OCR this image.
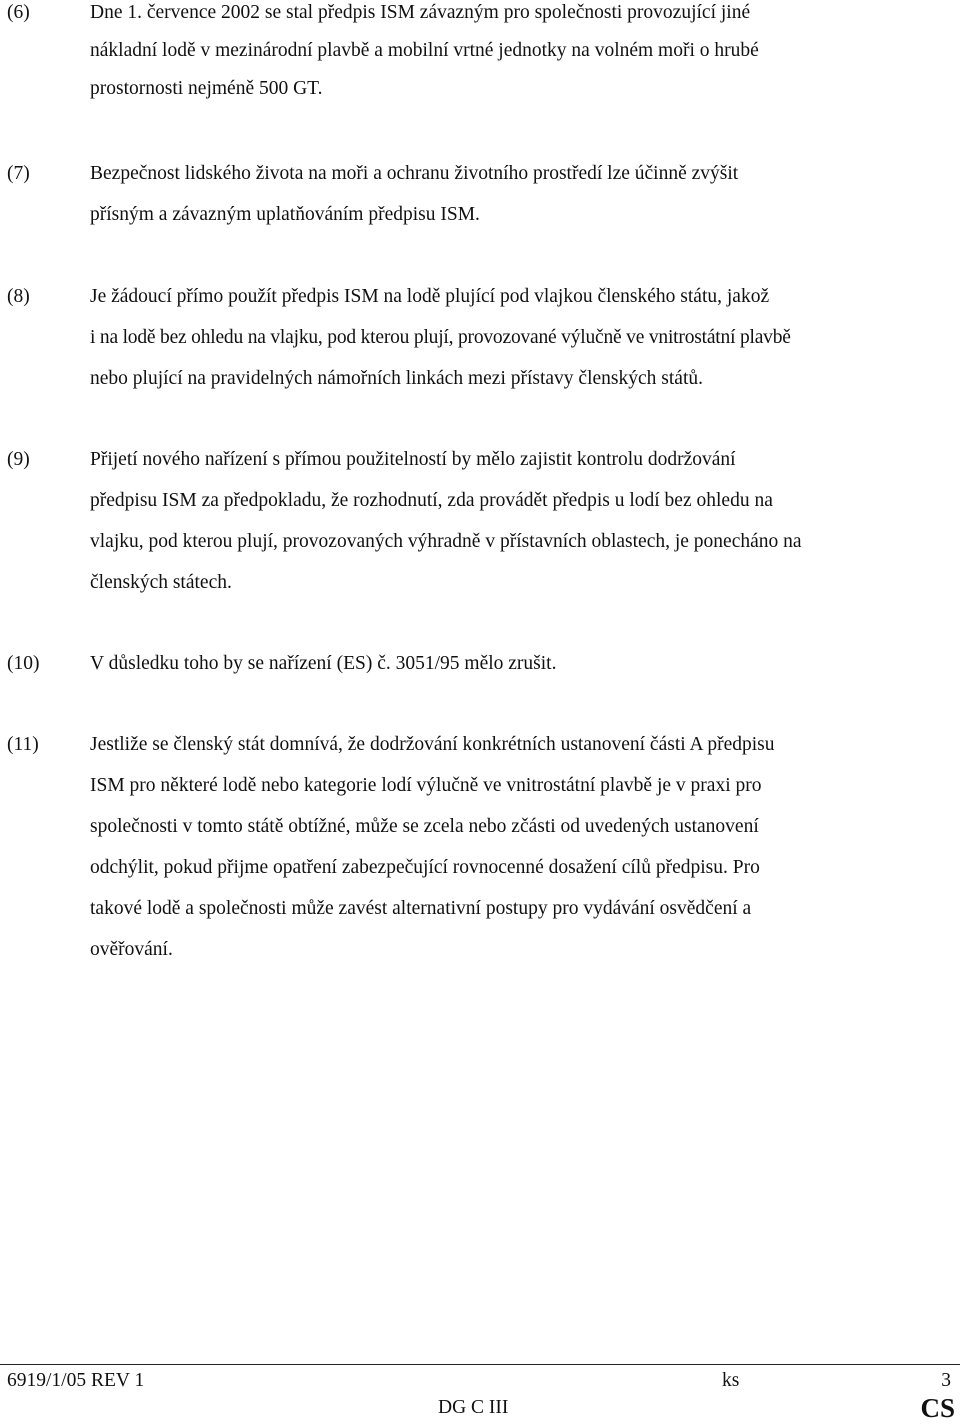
(6)	Dne 1. července 2002 se stal předpis ISM závazným pro společnosti provozující jiné
nákladní lodě v mezinárodní plavbě a mobilní vrtné jednotky na volném moři o hrubé
prostornosti nejméně 500 GT.
(7)	Bezpečnost lidského života na moři a ochranu životního prostředí lze účinně zvýšit
přísným a závazným uplatňováním předpisu ISM.
(8)	Je žádoucí přímo použít předpis ISM na lodě plující pod vlajkou členského státu, jakož
i na lodě bez ohledu na vlajku, pod kterou plují, provozované výlučně ve vnitrostátní plavbě
nebo plující na pravidelných námořních linkách mezi přístavy členských států.
(9)	Přijetí nového nařízení s přímou použitelností by mělo zajistit kontrolu dodržování
předpisu ISM za předpokladu, že rozhodnutí, zda provádět předpis u lodí bez ohledu na
vlajku, pod kterou plují, provozovaných výhradně v přístavních oblastech, je ponecháno na
členských státech.
(10)	V důsledku toho by se nařízení (ES) č. 3051/95 mělo zrušit.
(11)	Jestliže se členský stát domnívá, že dodržování konkrétních ustanovení části A předpisu
ISM pro některé lodě nebo kategorie lodí výlučně ve vnitrostátní plavbě je v praxi pro
společnosti v tomto státě obtížné, může se zcela nebo zčásti od uvedených ustanovení
odchýlit, pokud přijme opatření zabezpečující rovnocenné dosažení cílů předpisu. Pro
takové lodě a společnosti může zavést alternativní postupy pro vydávání osvědčení a
ověřování.
6919/1/05 REV 1	ks	3
DG C III	CS
